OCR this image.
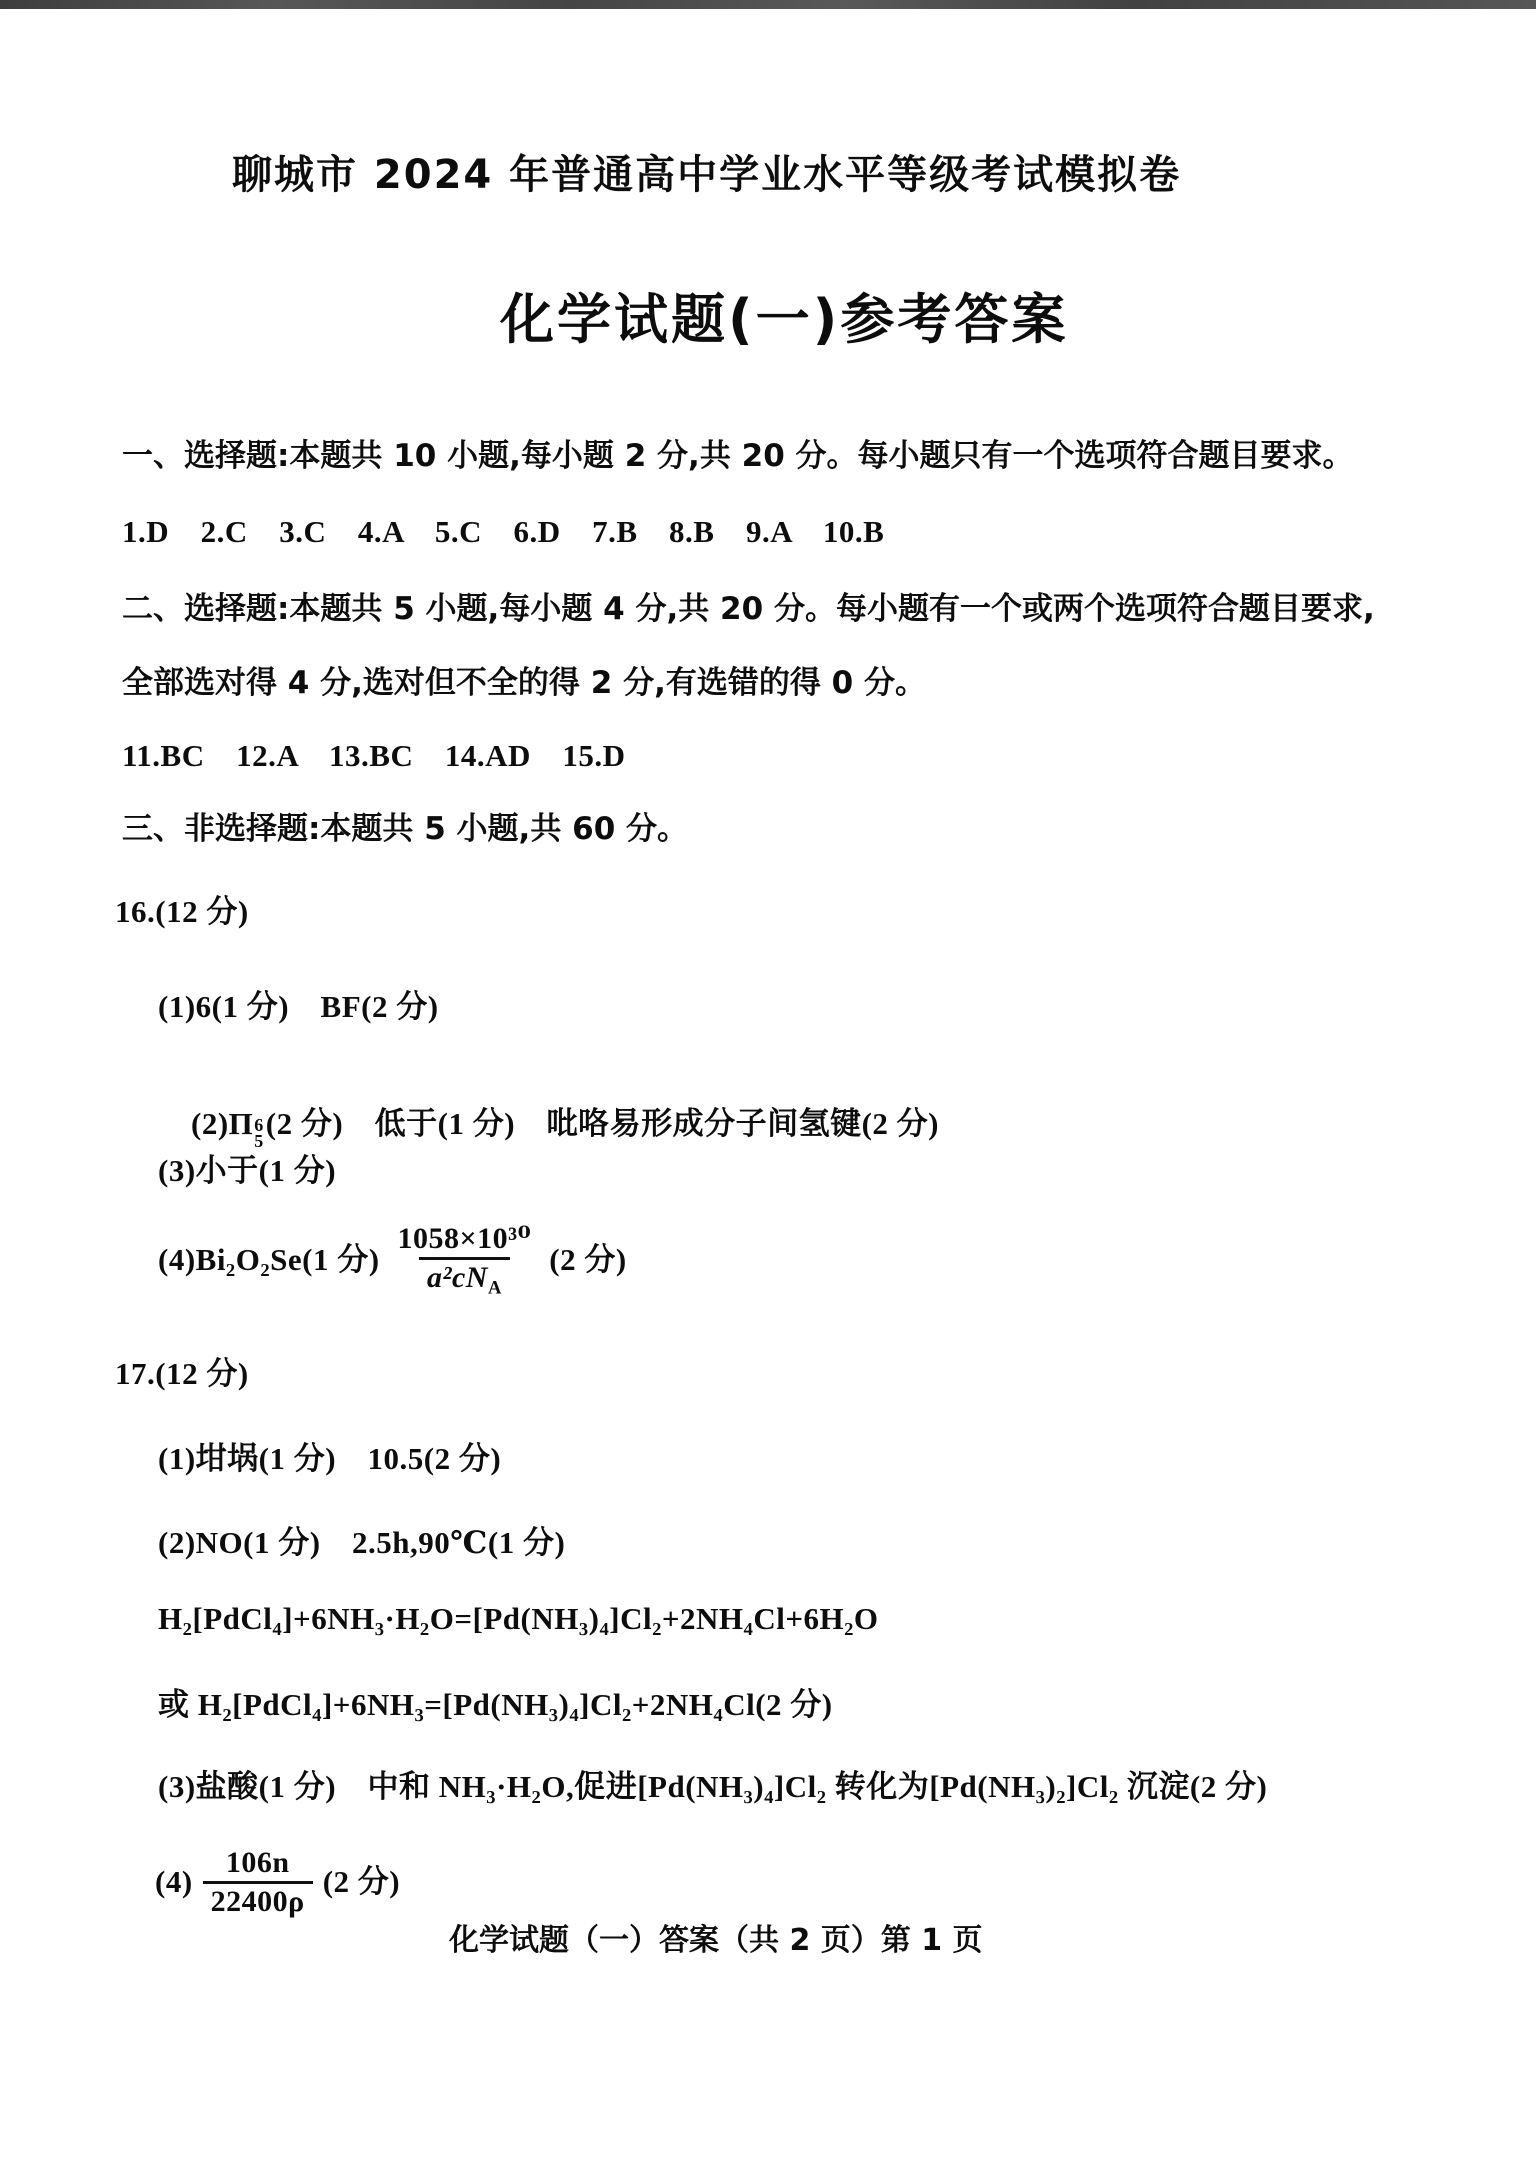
聊城市 2024 年普通高中学业水平等级考试模拟卷
化学试题(一)参考答案
一、选择题:本题共 10 小题,每小题 2 分,共 20 分。每小题只有一个选项符合题目要求。
1.D　2.C　3.C　4.A　5.C　6.D　7.B　8.B　9.A　10.B
二、选择题:本题共 5 小题,每小题 4 分,共 20 分。每小题有一个或两个选项符合题目要求,
全部选对得 4 分,选对但不全的得 2 分,有选错的得 0 分。
11.BC　12.A　13.BC　14.AD　15.D
三、非选择题:本题共 5 小题,共 60 分。
16.(12 分)
(1)6(1 分)　BF(2 分)

(2)Π 6
5
(2 分)　低于(1 分)　吡咯易形成分子间氢键(2 分)

(3)小于(1 分)
(4)Bi₂O₂Se(1 分) $\frac{\text{1058×10³⁰}}{a^2cN_A} (2$ 分)
17.(12 分)
(1)坩埚(1 分)　10.5(2 分)
(2)NO(1 分)　2.5h,90℃(1 分)
H₂[PdCl₄]+6NH₃·H₂O=[Pd(NH₃)₄]Cl₂+2NH₄Cl+6H₂O
或 H₂[PdCl₄]+6NH₃=[Pd(NH₃)₄]Cl₂+2NH₄Cl(2 分)
(3)盐酸(1 分)　中和 NH₃·H₂O,促进[Pd(NH₃)₄]Cl₂ 转化为[Pd(NH₃)₂]Cl₂ 沉淀(2 分)
$(4) \frac{106n}{22400\rho} (2$ 分)
化学试题（一）答案（共 2 页）第 1 页
